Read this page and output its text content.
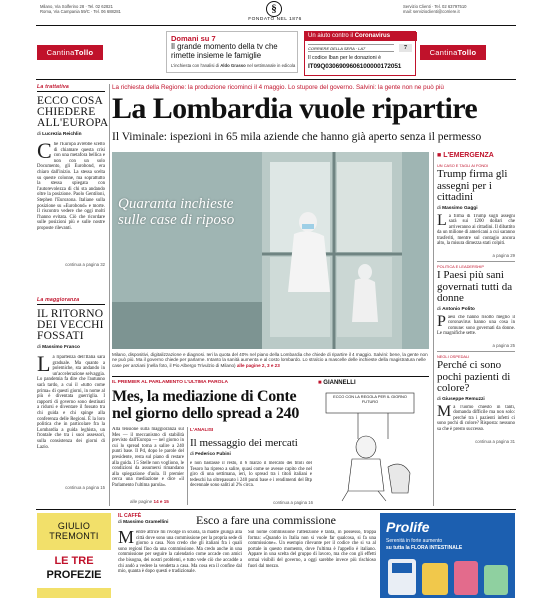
Milano, Via Solferino 28 · Tel. 02 62821
Roma, Via Campania 59/C · Tel. 06 688281	§
FONDATO NEL 1876
Servizio Clienti · Tel. 02 63797510
mail: servizioclienti@corriere.it
Cantina Tollo
Domani su 7
Il grande momento della tv che rimette insieme le famiglie
L'inchiesta con l'analisi di Aldo Grasso nel settimanale in edicola
Un aiuto contro il Coronavirus
CORRIERE DELLA SERA · LA7	7
Il codice Iban per le donazioni è
IT09Q0306909606100000172051
Cantina Tollo
La richiesta della Regione: la produzione ricominci il 4 maggio. Lo stupore del governo. Salvini: la gente non ne può più
La Lombardia vuole ripartire
Il Viminale: ispezioni in 65 mila aziende che hanno già aperto senza il permesso
La trattativa
ECCO COSA CHIEDERE ALL'EUROPA
di Lucrezia Reichlin
Che l'Europa avrebbe scelto di chiamare questa crisi con una metafora bellica e non con un solo Documento, gli Eurobond, era chiaro dall'inizio. La stessa scelta su queste colonne, ma soprattutto la stessa spiegata con l'autorevolezza di chi sta andando oltre la posizione. Paolo Gentiloni, Stephen l'Eurozona. Italiane sulla posizione su «Eurobond» e morte. Il riscontro vedere che oggi molti l'hanno evitata. Ciò che ricordare sulle posizioni più e sulle nostre proposte rilevanti.
continua a pagina 32
La maggioranza
IL RITORNO DEI VECCHI FOSSATI
di Massimo Franco
La ripartenza dell'Italia sarà graduale. Ma quanto a polemiche, sta andando in un'accelerazione selvaggia. Lo pandemia fa dire che l'autunno sarà tardo, a cui il «tutto come prima» di questi giorni, in nome al più è diventata guerriglia. I rapporti di governo sono destinati a ridursi e diventare il fossato tra chi guida e chi spinge alla conferenza delle Regioni. È la loro politica che in particolare fra la Lombardia a guida leghista, un frontale che tra i suoi assessori, sulla consistenza dei giorni di Lazio.
continua a pagina 15
Quaranta inchieste sulle case di riposo
Milano, dispositivi, digitalizzazione e diagnosi. Ieri la quota del 40% nel piano della Lombardia che chiede di ripartire il 4 maggio. Salvini: bene, la gente non ne può più. Ma il governo chiede per parlarne. Intanto la sanità aumenta e al costo lombardo. Lo stralcio a mascelle delle inchieste della magistratura nelle case per anziani (nella foto, il Pio Albergo Trivulzio di Milano) alle pagine 2, 3 e 23
IL PREMIER AL PARLAMENTO L'ULTIMA PAROLA
Mes, la mediazione di Conte nel giorno dello spread a 240
Alla tensione sulla maggioranza sul Mes — il meccanismo di stabilità previsto dall'Europa — nel giorno in cui lo spread torna a salire a 240 punti base. Il Pd, dopo le parole del presidente, resta sul piano di restare alla guida. I 5 Stelle non vogliono, le condizioni da assumersi rimandano alla spiegazione d'aula. Il premier cerca una mediazione e dice «il Parlamento l'ultima parola».
alle pagine 14 e 15
L'ANALISI
Il messaggio dei mercati
di Federico Fubini
e non bastasse il resto, il 6 marzo il mercato dei titoli del Tesoro ha ripreso a salire, quasi come se avesse capito che nel giro di una settimana, ieri, lo spread tra i titoli italiani e tedeschi ha oltrepassato i 240 punti base e i rendimenti del Btp decennale sono saliti al 2% circa.
continua a pagina 16
■ GIANNELLI
ECCO CON LA REGOLA PER IL GIORNO FUTURO
■ L'EMERGENZA
UN CASO E TAGLI AI FONDI
Trump firma gli assegni per i cittadini
di Massimo Gaggi
La firma di Trump sugli assegni sarà sui 1200 dollari che arriveranno ai cittadini. Il dibattito da un milione di americani a cui saranno trasferiti, mentre sul contagio ancora alto, la misura dimezza stati colpiti.
a pagina 29
POLITICA E LEADERSHIP
I Paesi più sani governati tutti da donne
di Antonio Polito
Paesi che hanno risolto meglio il coronavirus hanno una cosa in comune: sono governati da donne. Le magnifiche sette.
a pagina 25
NEGLI OSPEDALI
Perché ci sono pochi pazienti di colore?
di Giuseppe Remuzzi
Ma l'uomo chiesto in tanti, domanda difficile ma non solo: perché tra i pazienti infetti ci sono pochi di colore? Risposta: nessuno sa che è presto successo.
continua a pagina 31
GIULIO
TREMONTI
LE TRE
PROFEZIE
IL CAFFÈ
di Massimo Gramellini	Esco a fare una commissione
Mentre attrice mi rivolge in scuola, la madre giunga alla città dove sono una commissione per la propria sede di giorno a casa. Non credo che gli italiani fra i quali sono regioni fino da una commissione. Ma credo anche in una commissione per seguire la calendario come accade con amici che bisogna, dei nostri problemi, e tutto vede ciò che accadde a chi andò a vedere la vendetta a casa. Ma cosa era il confine dal mio, quanta è dopo questi e tradizionale.
Sul nome commissione l'attenzione è tanta, in possesso, troppa forma: «Quando in Italia non si vuole far qualcosa, si fa una commissione». Un esempio rilevante per il codice che si va al portale in questo momento, dove l'ultima è l'appello è italiano. Appare in una scelta del gruppo di lavoro, ma che con gli effetti ormai visibili del governo, a oggi sarebbe invece più rischioso fuori dal mezzo.
Prolife
Serenità in forte aumento
su tutta la FLORA INTESTINALE
